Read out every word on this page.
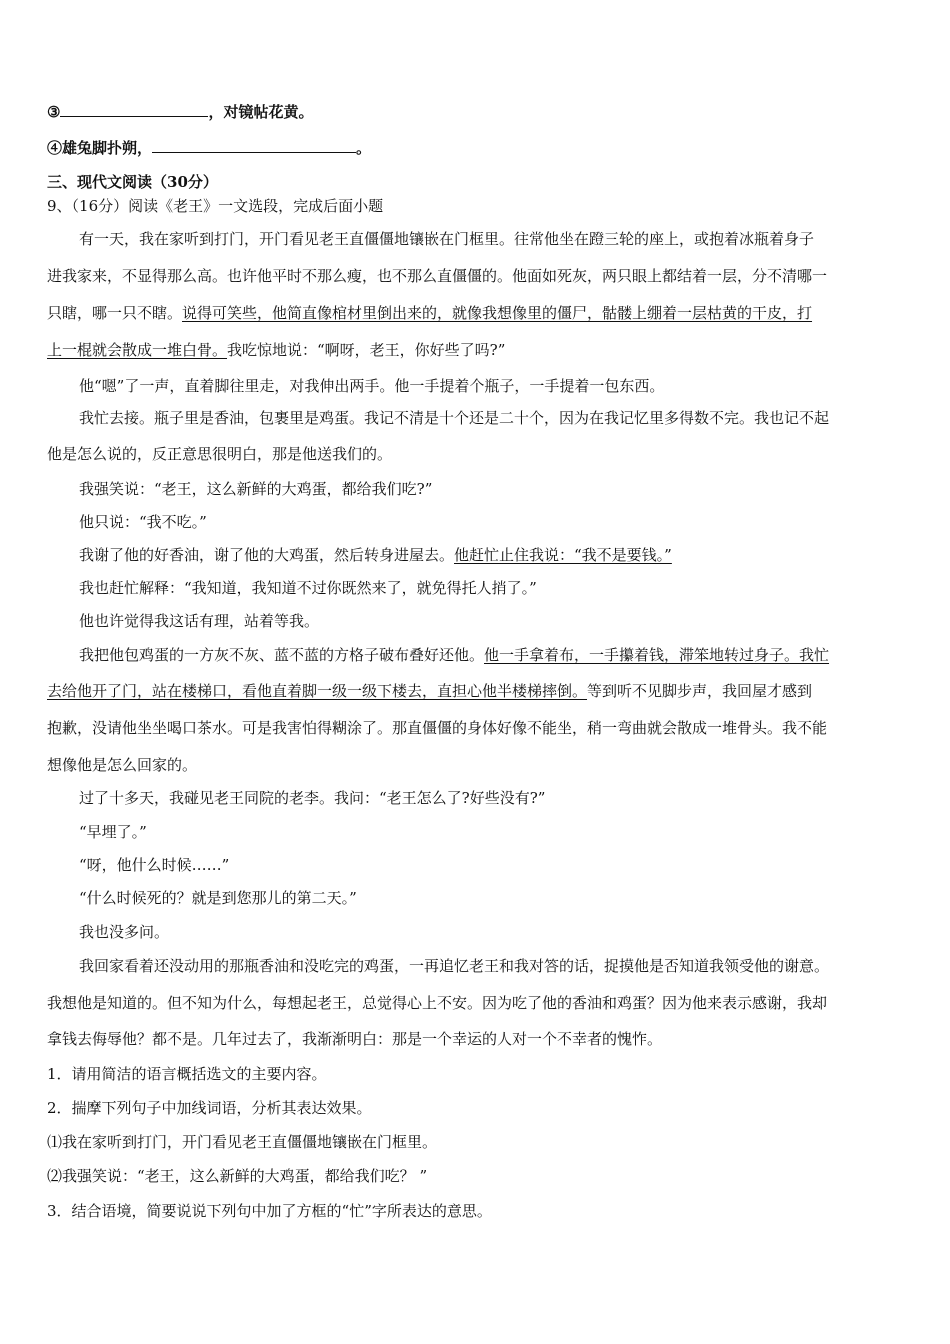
③	，对镜帖花黄。
④雄兔脚扑朔，	。
三、现代文阅读（30分）
9、（16分）阅读《老王》一文选段，完成后面小题
有一天，我在家听到打门，开门看见老王直僵僵地镶嵌在门框里。往常他坐在蹬三轮的座上，或抱着冰瓶着身子
进我家来，不显得那么高。也许他平时不那么瘦，也不那么直僵僵的。他面如死灰，两只眼上都结着一层，分不清哪一
只瞎，哪一只不瞎。说得可笑些，他简直像棺材里倒出来的，就像我想像里的僵尸，骷髅上绷着一层枯黄的干皮，打
上一棍就会散成一堆白骨。我吃惊地说：“啊呀，老王，你好些了吗?”
他“嗯”了一声，直着脚往里走，对我伸出两手。他一手提着个瓶子，一手提着一包东西。
我忙去接。瓶子里是香油，包裹里是鸡蛋。我记不清是十个还是二十个，因为在我记忆里多得数不完。我也记不起
他是怎么说的，反正意思很明白，那是他送我们的。
我强笑说：“老王，这么新鲜的大鸡蛋，都给我们吃?”
他只说：“我不吃。”
我谢了他的好香油，谢了他的大鸡蛋，然后转身进屋去。他赶忙止住我说：“我不是要钱。”
我也赶忙解释：“我知道，我知道不过你既然来了，就免得托人捎了。”
他也许觉得我这话有理，站着等我。
我把他包鸡蛋的一方灰不灰、蓝不蓝的方格子破布叠好还他。他一手拿着布，一手攥着钱，滞笨地转过身子。我忙
去给他开了门，站在楼梯口，看他直着脚一级一级下楼去，直担心他半楼梯摔倒。等到听不见脚步声，我回屋才感到
抱歉，没请他坐坐喝口茶水。可是我害怕得糊涂了。那直僵僵的身体好像不能坐，稍一弯曲就会散成一堆骨头。我不能
想像他是怎么回家的。
过了十多天，我碰见老王同院的老李。我问：“老王怎么了?好些没有?”
“早埋了。”
“呀，他什么时候……”
“什么时候死的？就是到您那儿的第二天。”
我也没多问。
我回家看着还没动用的那瓶香油和没吃完的鸡蛋，一再追忆老王和我对答的话，捉摸他是否知道我领受他的谢意。
我想他是知道的。但不知为什么，每想起老王，总觉得心上不安。因为吃了他的香油和鸡蛋？因为他来表示感谢，我却
拿钱去侮辱他？都不是。几年过去了，我渐渐明白：那是一个幸运的人对一个不幸者的愧怍。
1．请用简洁的语言概括选文的主要内容。
2．揣摩下列句子中加线词语，分析其表达效果。
⑴我在家听到打门，开门看见老王直僵僵地镶嵌在门框里。
⑵我强笑说：“老王，这么新鲜的大鸡蛋，都给我们吃？ ”
3．结合语境，简要说说下列句中加了方框的“忙”字所表达的意思。
